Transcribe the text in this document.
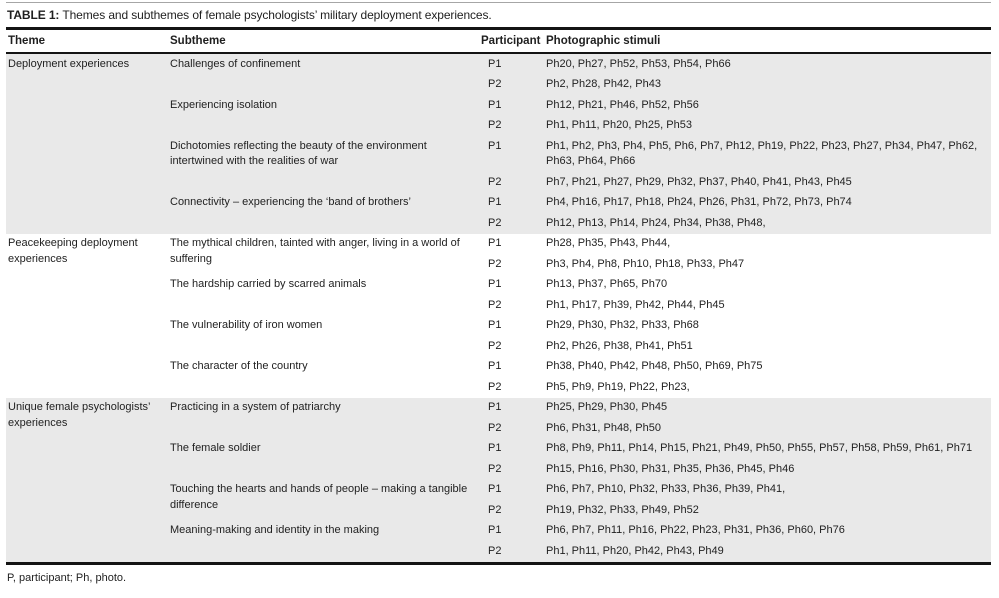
TABLE 1: Themes and subthemes of female psychologists’ military deployment experiences.
Theme	Subtheme	Participant	Photographic stimuli
Deployment experiences	Challenges of confinement	P1	Ph20, Ph27, Ph52, Ph53, Ph54, Ph66
		P2	Ph2, Ph28, Ph42, Ph43
	Experiencing isolation	P1	Ph12, Ph21, Ph46, Ph52, Ph56
		P2	Ph1, Ph11, Ph20, Ph25, Ph53
	Dichotomies reflecting the beauty of the environment intertwined with the realities of war	P1	Ph1, Ph2, Ph3, Ph4, Ph5, Ph6, Ph7, Ph12, Ph19, Ph22, Ph23, Ph27, Ph34, Ph47, Ph62, Ph63, Ph64, Ph66
		P2	Ph7, Ph21, Ph27, Ph29, Ph32, Ph37, Ph40, Ph41, Ph43, Ph45
	Connectivity – experiencing the ‘band of brothers’	P1	Ph4, Ph16, Ph17, Ph18, Ph24, Ph26, Ph31, Ph72, Ph73, Ph74
		P2	Ph12, Ph13, Ph14, Ph24, Ph34, Ph38, Ph48,
Peacekeeping deployment experiences	The mythical children, tainted with anger, living in a world of suffering	P1	Ph28, Ph35, Ph43, Ph44,
		P2	Ph3, Ph4, Ph8, Ph10, Ph18, Ph33, Ph47
	The hardship carried by scarred animals	P1	Ph13, Ph37, Ph65, Ph70
		P2	Ph1, Ph17, Ph39, Ph42, Ph44, Ph45
	The vulnerability of iron women	P1	Ph29, Ph30, Ph32, Ph33, Ph68
		P2	Ph2, Ph26, Ph38, Ph41, Ph51
	The character of the country	P1	Ph38, Ph40, Ph42, Ph48, Ph50, Ph69, Ph75
		P2	Ph5, Ph9, Ph19, Ph22, Ph23,
Unique female psychologists’ experiences	Practicing in a system of patriarchy	P1	Ph25, Ph29, Ph30, Ph45
		P2	Ph6, Ph31, Ph48, Ph50
	The female soldier	P1	Ph8, Ph9, Ph11, Ph14, Ph15, Ph21, Ph49, Ph50, Ph55, Ph57, Ph58, Ph59, Ph61, Ph71
		P2	Ph15, Ph16, Ph30, Ph31, Ph35, Ph36, Ph45, Ph46
	Touching the hearts and hands of people – making a tangible difference	P1	Ph6, Ph7, Ph10, Ph32, Ph33, Ph36, Ph39, Ph41,
		P2	Ph19, Ph32, Ph33, Ph49, Ph52
	Meaning-making and identity in the making	P1	Ph6, Ph7, Ph11, Ph16, Ph22, Ph23, Ph31, Ph36, Ph60, Ph76
		P2	Ph1, Ph11, Ph20, Ph42, Ph43, Ph49
P, participant; Ph, photo.
